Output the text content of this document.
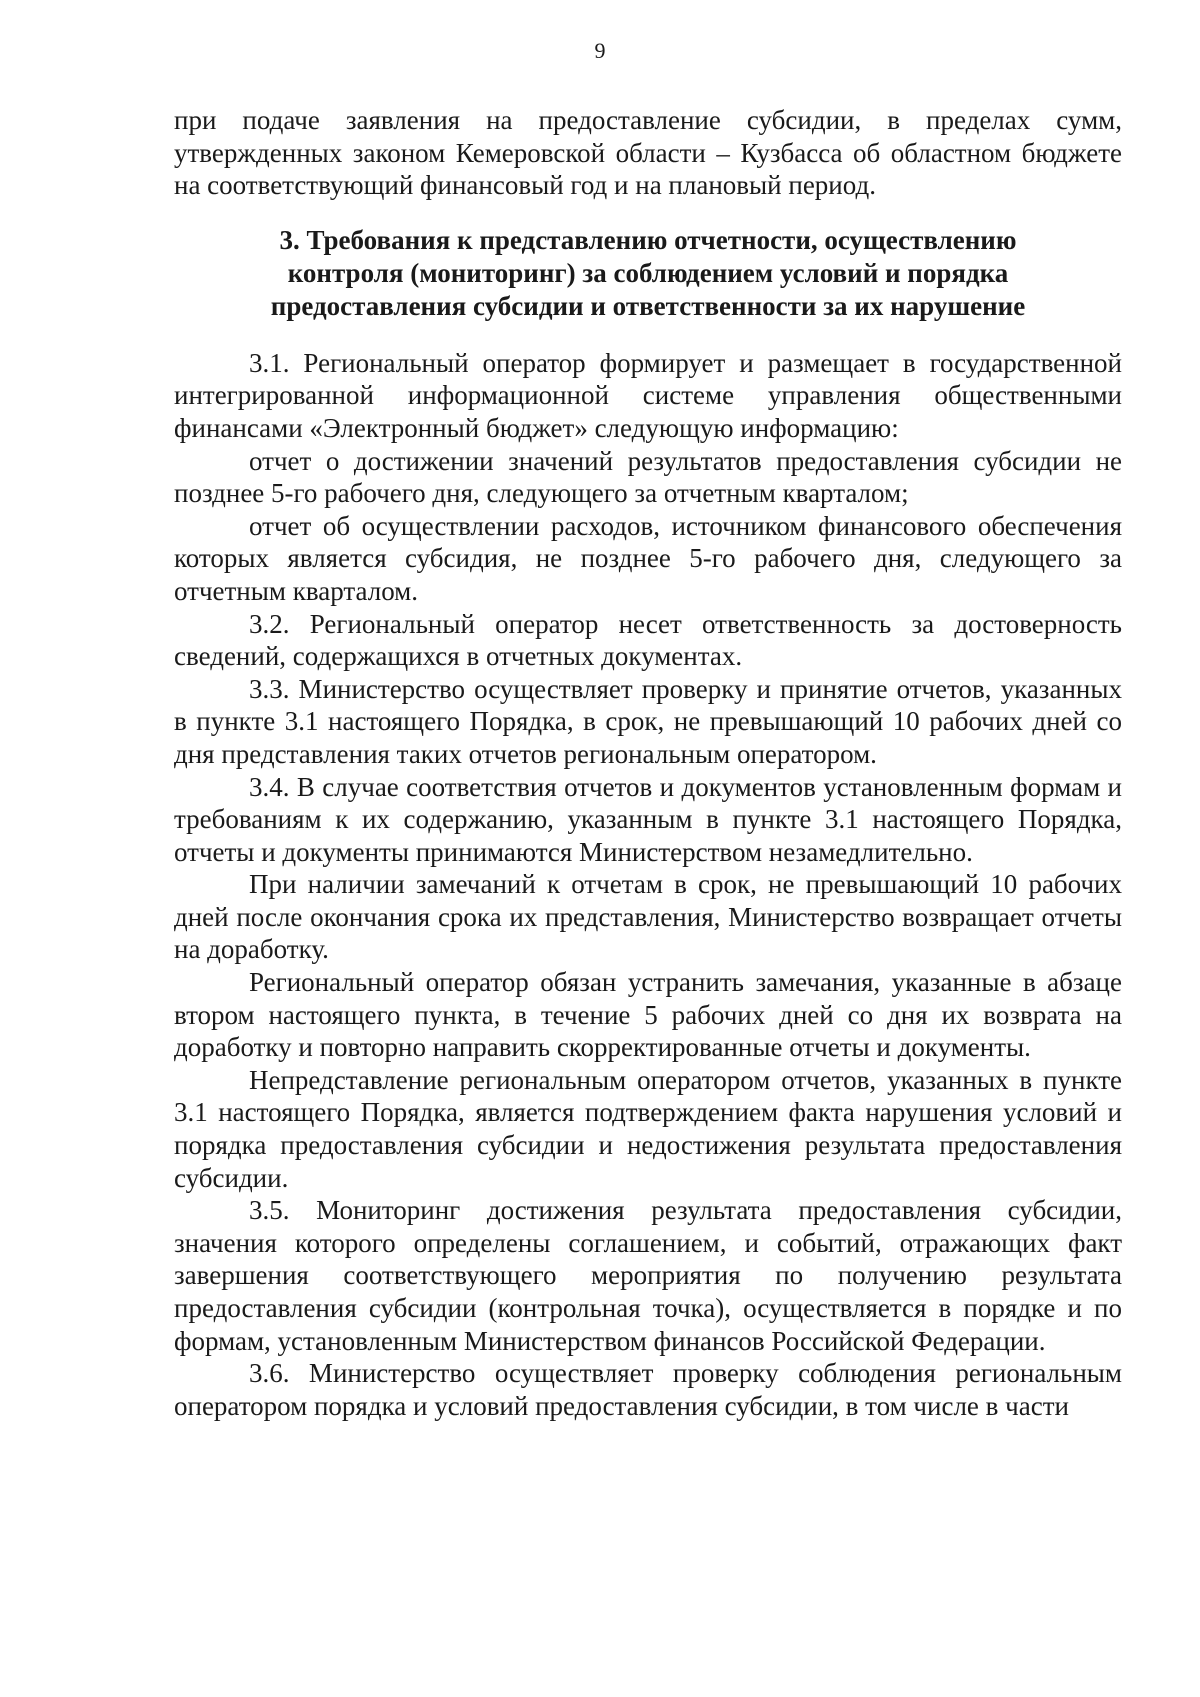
9

при подаче заявления на предоставление субсидии, в пределах сумм, утвержденных законом Кемеровской области – Кузбасса об областном бюджете на соответствующий финансовый год и на плановый период.

3. Требования к представлению отчетности, осуществлению
контроля (мониторинг) за соблюдением условий и порядка
предоставления субсидии и ответственности за их нарушение

3.1. Региональный оператор формирует и размещает в государственной интегрированной информационной системе управления общественными финансами «Электронный бюджет» следующую информацию:

отчет о достижении значений результатов предоставления субсидии не позднее 5-го рабочего дня, следующего за отчетным кварталом;

отчет об осуществлении расходов, источником финансового обеспечения которых является субсидия, не позднее 5-го рабочего дня, следующего за отчетным кварталом.

3.2. Региональный оператор несет ответственность за достоверность сведений, содержащихся в отчетных документах.

3.3. Министерство осуществляет проверку и принятие отчетов, указанных в пункте 3.1 настоящего Порядка, в срок, не превышающий 10 рабочих дней со дня представления таких отчетов региональным оператором.

3.4. В случае соответствия отчетов и документов установленным формам и требованиям к их содержанию, указанным в пункте 3.1 настоящего Порядка, отчеты и документы принимаются Министерством незамедлительно.

При наличии замечаний к отчетам в срок, не превышающий 10 рабочих дней после окончания срока их представления, Министерство возвращает отчеты на доработку.

Региональный оператор обязан устранить замечания, указанные в абзаце втором настоящего пункта, в течение 5 рабочих дней со дня их возврата на доработку и повторно направить скорректированные отчеты и документы.

Непредставление региональным оператором отчетов, указанных в пункте 3.1 настоящего Порядка, является подтверждением факта нарушения условий и порядка предоставления субсидии и недостижения результата предоставления субсидии.

3.5. Мониторинг достижения результата предоставления субсидии, значения которого определены соглашением, и событий, отражающих факт завершения соответствующего мероприятия по получению результата предоставления субсидии (контрольная точка), осуществляется в порядке и по формам, установленным Министерством финансов Российской Федерации.

3.6. Министерство осуществляет проверку соблюдения региональным оператором порядка и условий предоставления субсидии, в том числе в части
